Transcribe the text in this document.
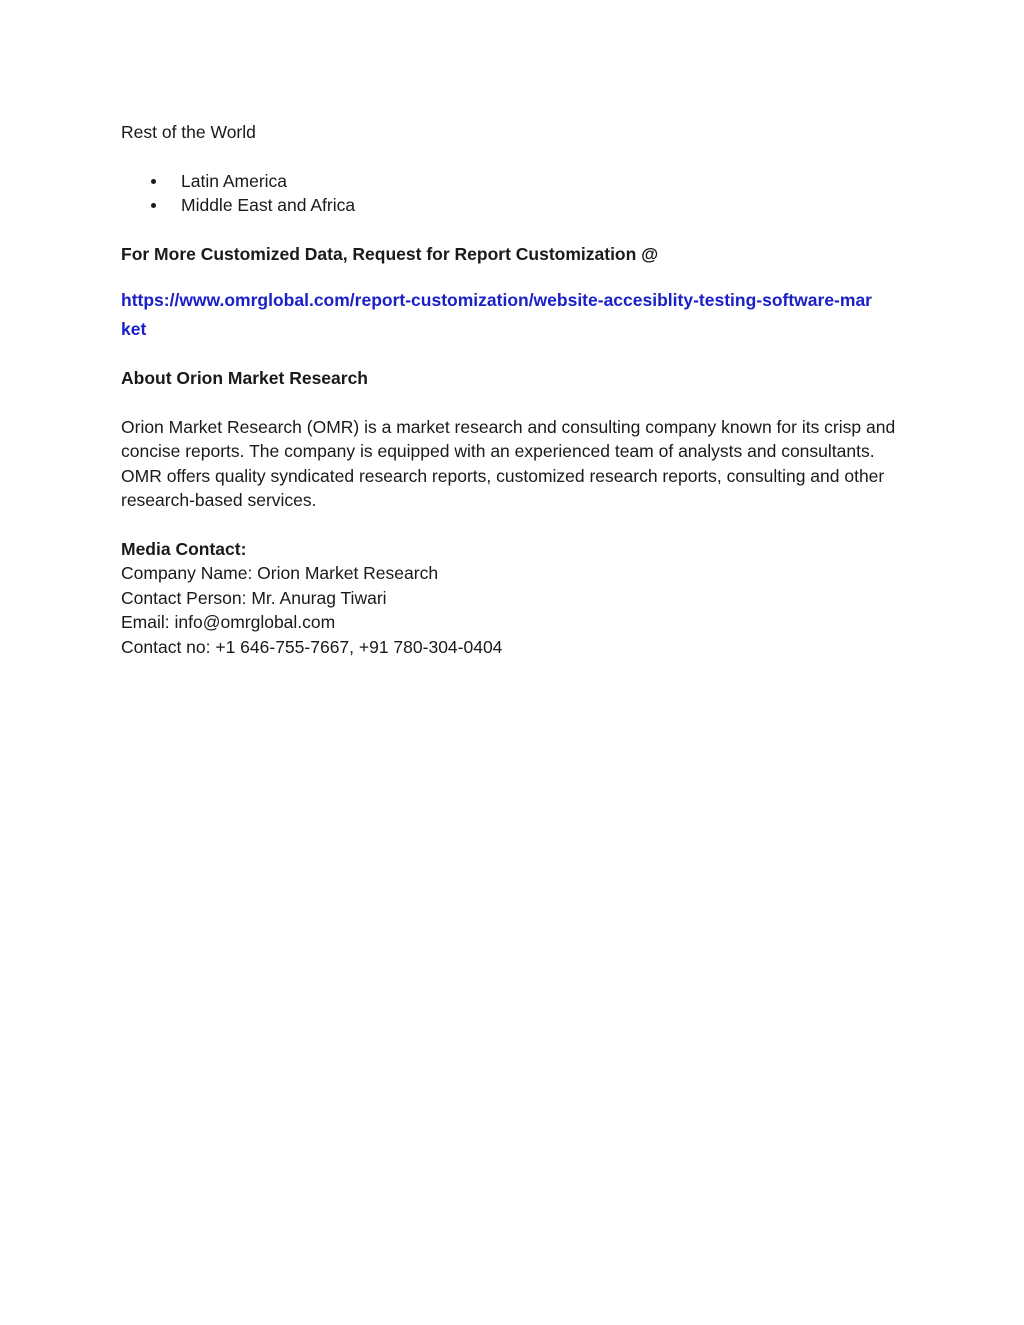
Rest of the World

Latin America
Middle East and Africa

For More Customized Data, Request for Report Customization @

https://www.omrglobal.com/report-customization/website-accesiblity-testing-software-market

About Orion Market Research

Orion Market Research (OMR) is a market research and consulting company known for its crisp and concise reports. The company is equipped with an experienced team of analysts and consultants. OMR offers quality syndicated research reports, customized research reports, consulting and other research-based services.

Media Contact:

Company Name: Orion Market Research

Contact Person: Mr. Anurag Tiwari

Email: info@omrglobal.com

Contact no: +1 646-755-7667, +91 780-304-0404
